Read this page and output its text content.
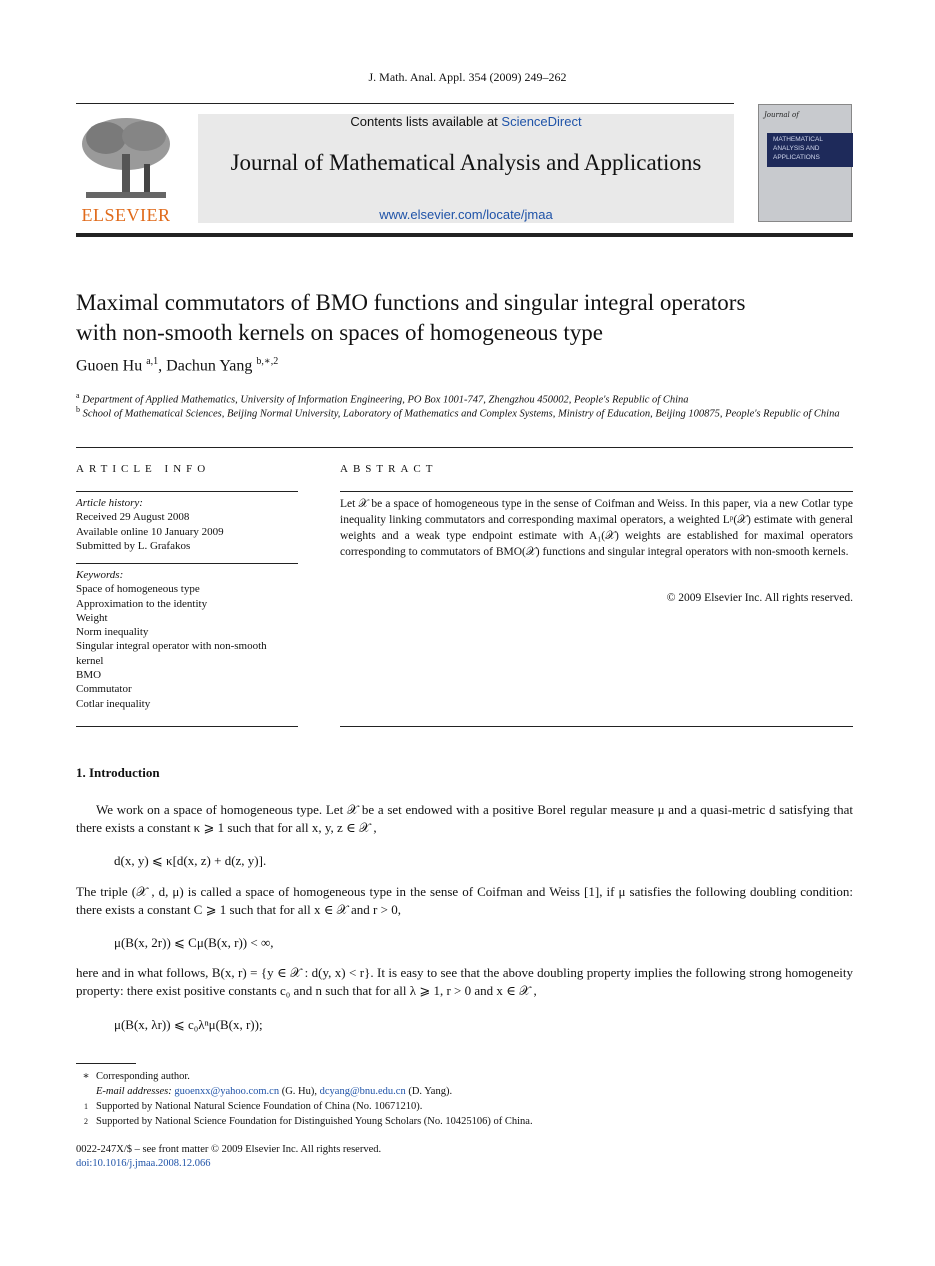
J. Math. Anal. Appl. 354 (2009) 249–262
ELSEVIER
Contents lists available at ScienceDirect
Journal of Mathematical Analysis and Applications
www.elsevier.com/locate/jmaa
Journal of
MATHEMATICAL ANALYSIS AND APPLICATIONS
Maximal commutators of BMO functions and singular integral operators
with non-smooth kernels on spaces of homogeneous type
Guoen Hu $^{a,1}$, Dachun Yang $^{b,∗,2}$
$^a$ Department of Applied Mathematics, University of Information Engineering, PO Box 1001-747, Zhengzhou 450002, People's Republic of China
$^b$ School of Mathematical Sciences, Beijing Normal University, Laboratory of Mathematics and Complex Systems, Ministry of Education, Beijing 100875, People's Republic of China
ARTICLE INFO
Article history:
Received 29 August 2008
Available online 10 January 2009
Submitted by L. Grafakos
Keywords:
Space of homogeneous type
Approximation to the identity
Weight
Norm inequality
Singular integral operator with non-smooth
kernel
BMO
Commutator
Cotlar inequality
ABSTRACT
Let 𝒳 be a space of homogeneous type in the sense of Coifman and Weiss. In this paper, via a new Cotlar type inequality linking commutators and corresponding maximal operators, a weighted Lᵖ(𝒳) estimate with general weights and a weak type endpoint estimate with A₁(𝒳) weights are established for maximal operators corresponding to commutators of BMO(𝒳) functions and singular integral operators with non-smooth kernels.
© 2009 Elsevier Inc. All rights reserved.
1. Introduction
We work on a space of homogeneous type. Let 𝒳 be a set endowed with a positive Borel regular measure μ and a quasi-metric d satisfying that there exists a constant κ ⩾ 1 such that for all x, y, z ∈ 𝒳 ,
d(x, y) ⩽ κ[d(x, z) + d(z, y)].
The triple (𝒳 , d, μ) is called a space of homogeneous type in the sense of Coifman and Weiss [1], if μ satisfies the following doubling condition: there exists a constant C ⩾ 1 such that for all x ∈ 𝒳 and r > 0,
μ(B(x, 2r)) ⩽ Cμ(B(x, r)) < ∞,
here and in what follows, B(x, r) = {y ∈ 𝒳 : d(y, x) < r}. It is easy to see that the above doubling property implies the following strong homogeneity property: there exist positive constants c₀ and n such that for all λ ⩾ 1, r > 0 and x ∈ 𝒳 ,
μ(B(x, λr)) ⩽ c₀λⁿμ(B(x, r));
∗ Corresponding author.
E-mail addresses: guoenxx@yahoo.com.cn (G. Hu), dcyang@bnu.edu.cn (D. Yang).
1 Supported by National Natural Science Foundation of China (No. 10671210).
2 Supported by National Science Foundation for Distinguished Young Scholars (No. 10425106) of China.
0022-247X/$ – see front matter © 2009 Elsevier Inc. All rights reserved.
doi:10.1016/j.jmaa.2008.12.066
